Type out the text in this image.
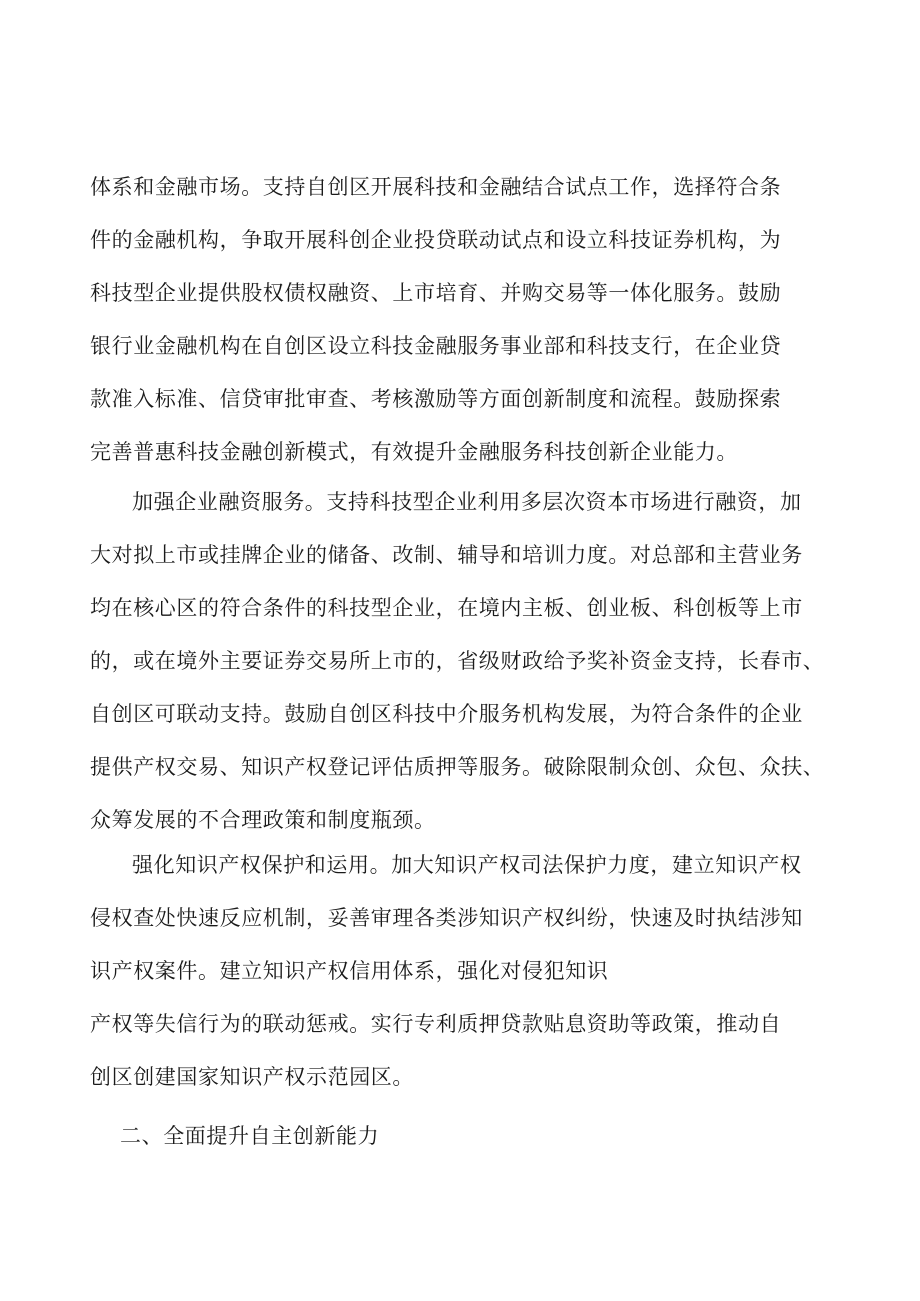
体系和金融市场。支持自创区开展科技和金融结合试点工作，选择符合条
件的金融机构，争取开展科创企业投贷联动试点和设立科技证券机构，为
科技型企业提供股权债权融资、上市培育、并购交易等一体化服务。鼓励
银行业金融机构在自创区设立科技金融服务事业部和科技支行，在企业贷
款准入标准、信贷审批审查、考核激励等方面创新制度和流程。鼓励探索
完善普惠科技金融创新模式，有效提升金融服务科技创新企业能力。
加强企业融资服务。支持科技型企业利用多层次资本市场进行融资，加
大对拟上市或挂牌企业的储备、改制、辅导和培训力度。对总部和主营业务
均在核心区的符合条件的科技型企业，在境内主板、创业板、科创板等上市
的，或在境外主要证券交易所上市的，省级财政给予奖补资金支持，长春市、
自创区可联动支持。鼓励自创区科技中介服务机构发展，为符合条件的企业
提供产权交易、知识产权登记评估质押等服务。破除限制众创、众包、众扶、
众筹发展的不合理政策和制度瓶颈。
强化知识产权保护和运用。加大知识产权司法保护力度，建立知识产权
侵权查处快速反应机制，妥善审理各类涉知识产权纠纷，快速及时执结涉知
识产权案件。建立知识产权信用体系，强化对侵犯知识
产权等失信行为的联动惩戒。实行专利质押贷款贴息资助等政策，推动自
创区创建国家知识产权示范园区。
二、全面提升自主创新能力
